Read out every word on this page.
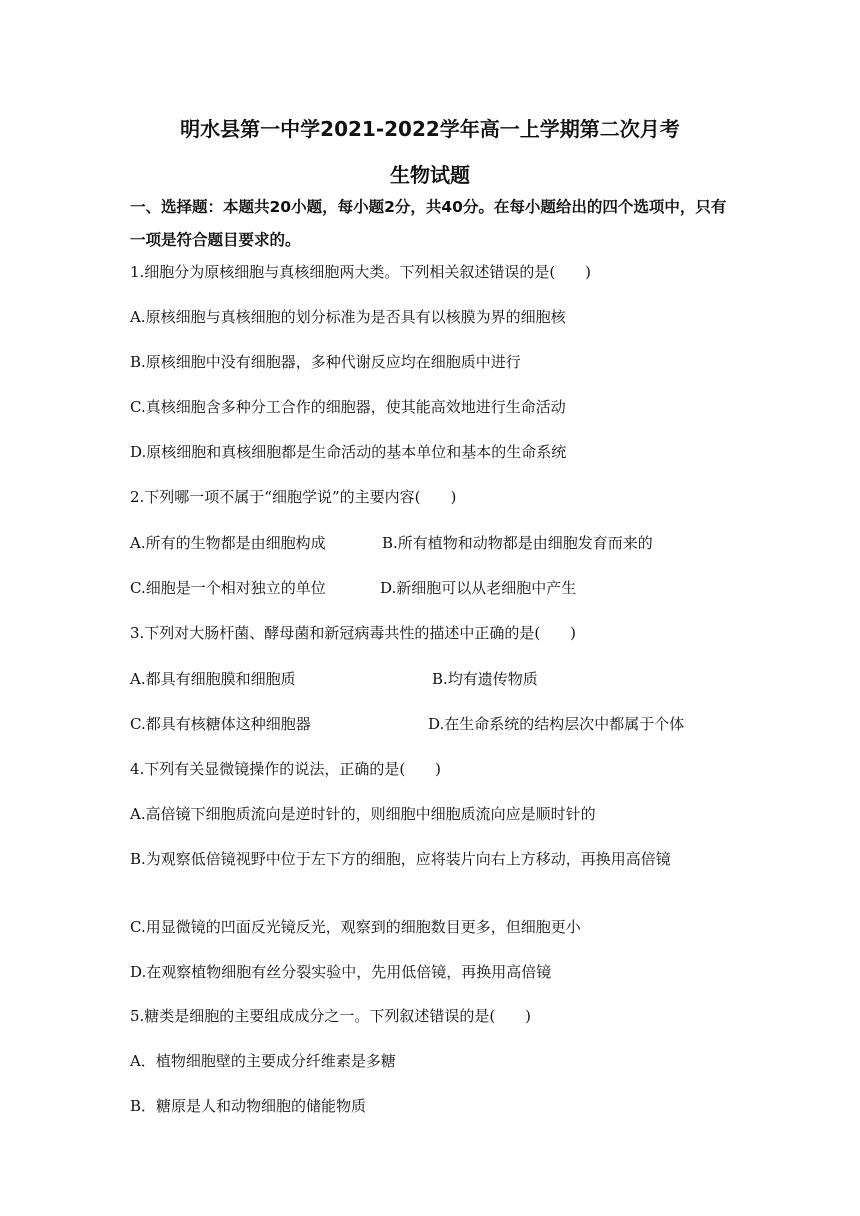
明水县第一中学2021-2022学年高一上学期第二次月考
生物试题
一、选择题：本题共20小题，每小题2分，共40分。在每小题给出的四个选项中，只有一项是符合题目要求的。
1.细胞分为原核细胞与真核细胞两大类。下列相关叙述错误的是(　　)
A.原核细胞与真核细胞的划分标准为是否具有以核膜为界的细胞核
B.原核细胞中没有细胞器，多种代谢反应均在细胞质中进行
C.真核细胞含多种分工合作的细胞器，使其能高效地进行生命活动
D.原核细胞和真核细胞都是生命活动的基本单位和基本的生命系统
2.下列哪一项不属于“细胞学说”的主要内容(　　)
A.所有的生物都是由细胞构成	B.所有植物和动物都是由细胞发育而来的
C.细胞是一个相对独立的单位	D.新细胞可以从老细胞中产生
3.下列对大肠杆菌、酵母菌和新冠病毒共性的描述中正确的是(　　)
A.都具有细胞膜和细胞质	B.均有遗传物质
C.都具有核糖体这种细胞器	D.在生命系统的结构层次中都属于个体
4.下列有关显微镜操作的说法，正确的是(　　)
A.高倍镜下细胞质流向是逆时针的，则细胞中细胞质流向应是顺时针的
B.为观察低倍镜视野中位于左下方的细胞，应将装片向右上方移动，再换用高倍镜
C.用显微镜的凹面反光镜反光，观察到的细胞数目更多，但细胞更小
D.在观察植物细胞有丝分裂实验中，先用低倍镜，再换用高倍镜
5.糖类是细胞的主要组成成分之一。下列叙述错误的是(　　)
A．植物细胞壁的主要成分纤维素是多糖
B．糖原是人和动物细胞的储能物质
